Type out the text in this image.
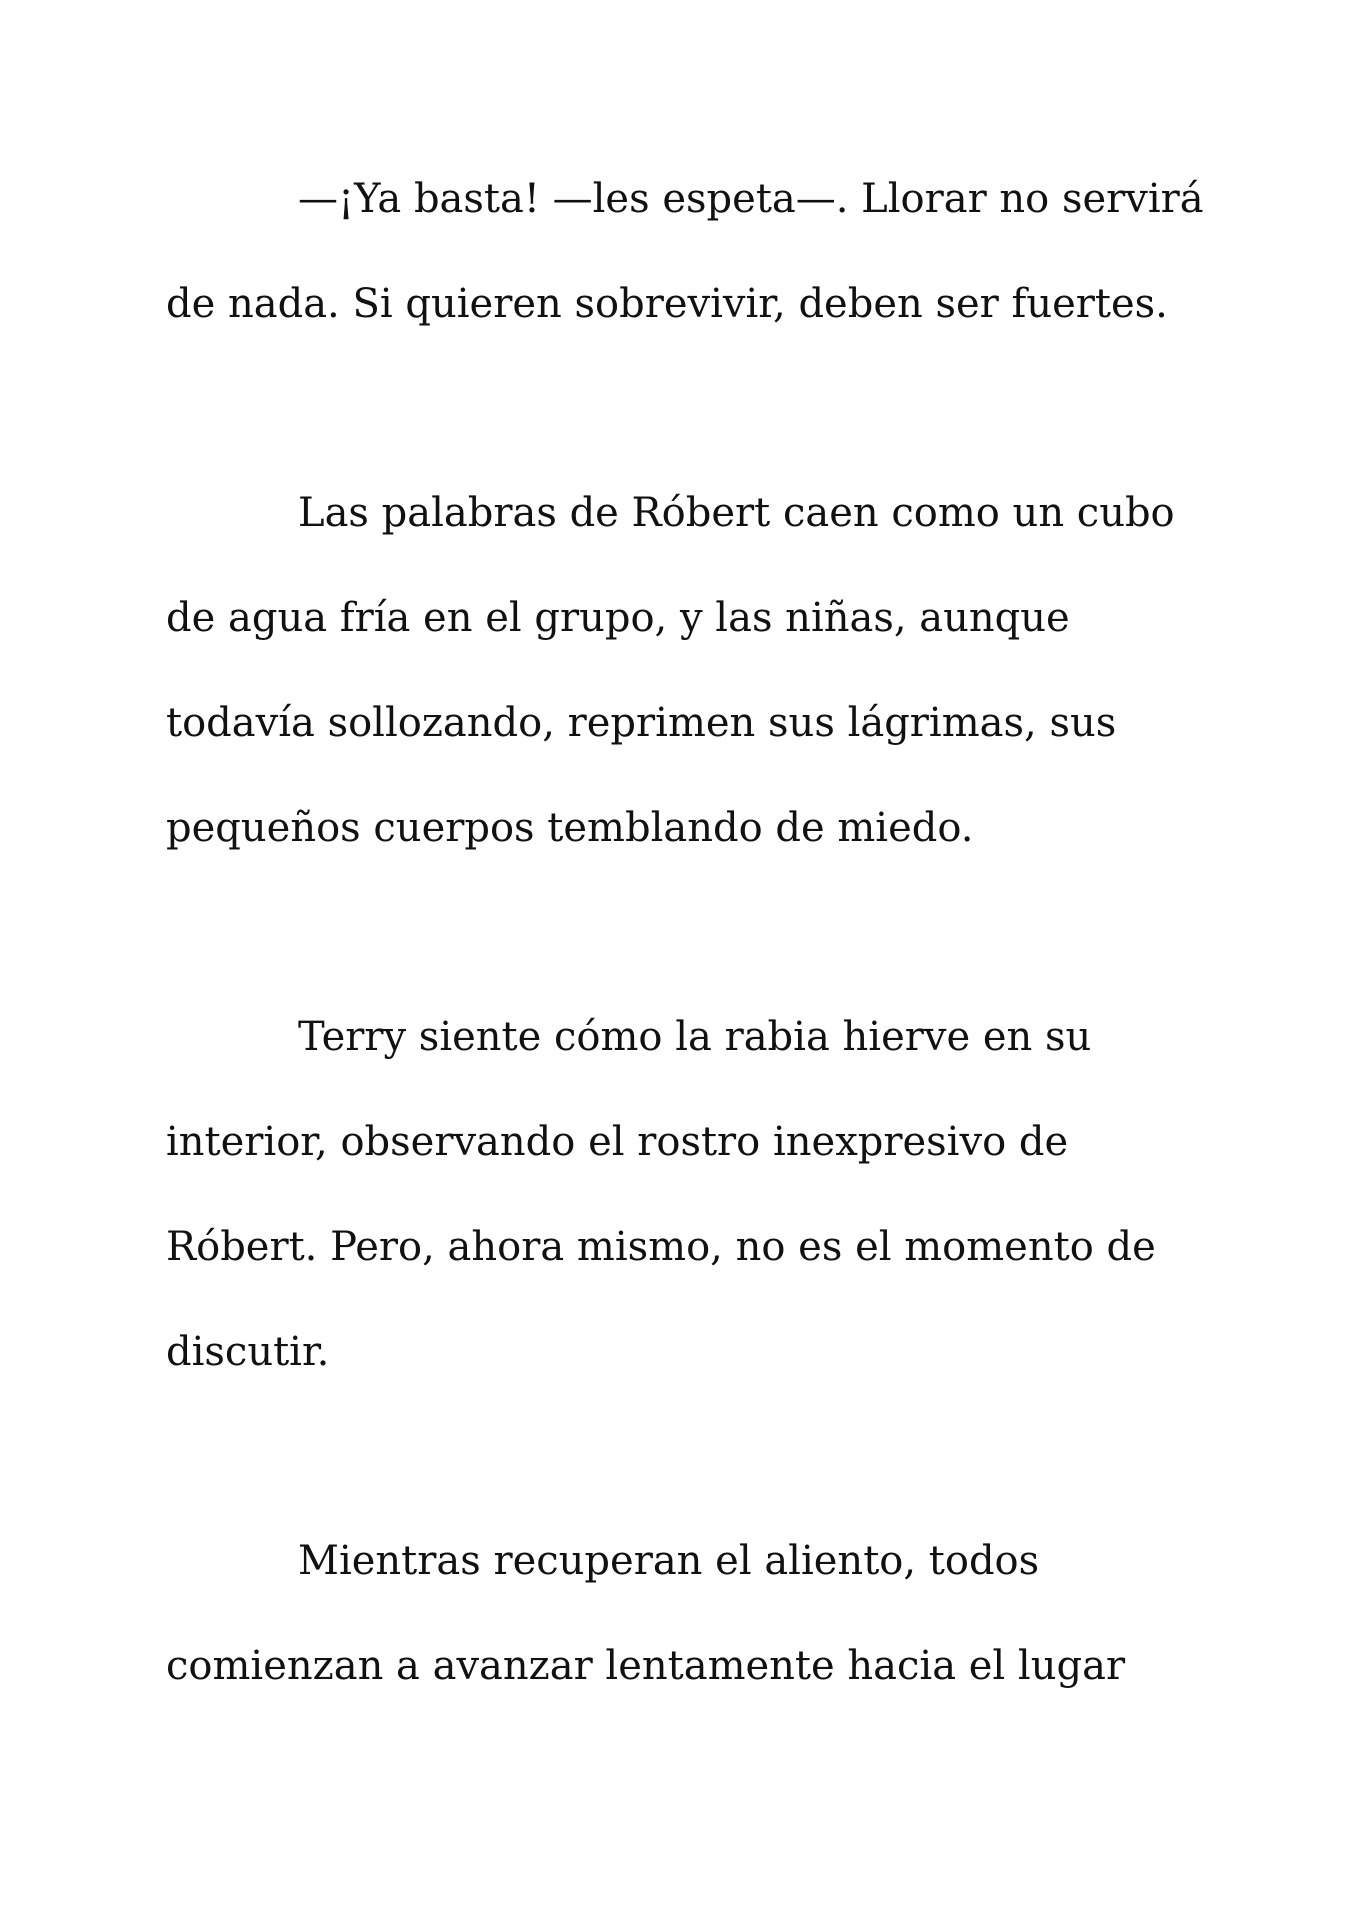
—¡Ya basta! —les espeta—. Llorar no servirá
de nada. Si quieren sobrevivir, deben ser fuertes.
Las palabras de Róbert caen como un cubo
de agua fría en el grupo, y las niñas, aunque
todavía sollozando, reprimen sus lágrimas, sus
pequeños cuerpos temblando de miedo.
Terry siente cómo la rabia hierve en su
interior, observando el rostro inexpresivo de
Róbert. Pero, ahora mismo, no es el momento de
discutir.
Mientras recuperan el aliento, todos
comienzan a avanzar lentamente hacia el lugar
